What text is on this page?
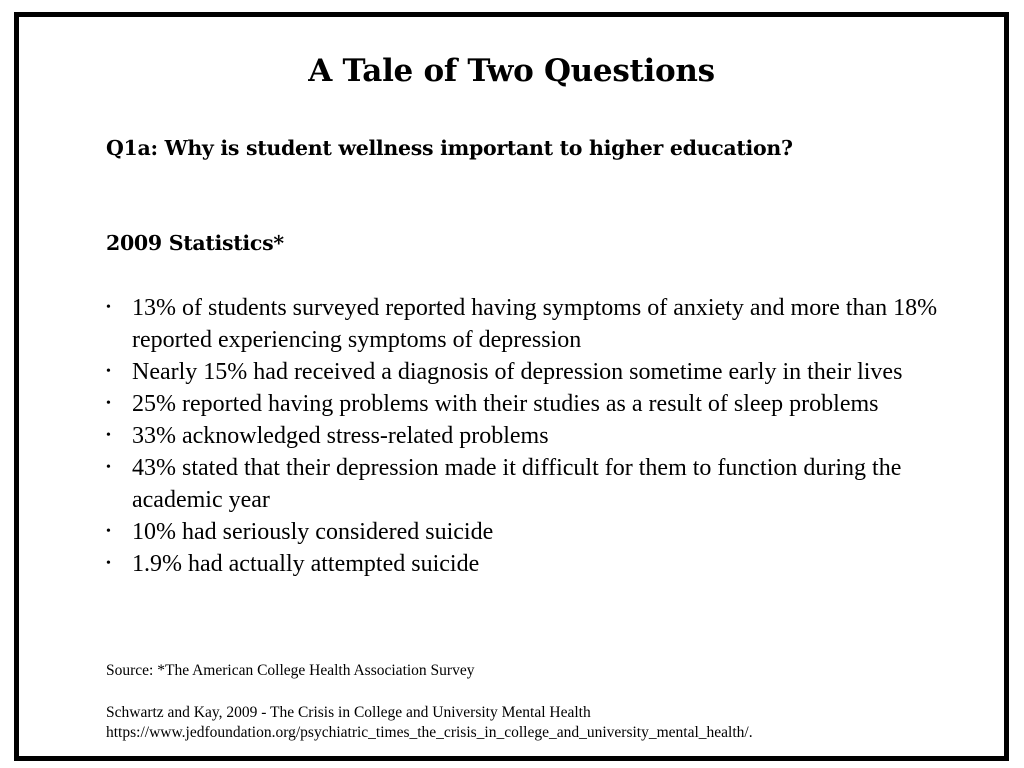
A Tale of Two Questions
Q1a: Why is student wellness important to higher education?
2009 Statistics*
• 13% of students surveyed reported having symptoms of anxiety and more than 18% reported experiencing symptoms of depression
• Nearly 15% had received a diagnosis of depression sometime early in their lives
• 25% reported having problems with their studies as a result of sleep problems
• 33% acknowledged stress-related problems
• 43% stated that their depression made it difficult for them to function during the academic year
• 10% had seriously considered suicide
• 1.9% had actually attempted suicide
Source: *The American College Health Association Survey
Schwartz and Kay, 2009 - The Crisis in College and University Mental Health
https://www.jedfoundation.org/psychiatric_times_the_crisis_in_college_and_university_mental_health/.
